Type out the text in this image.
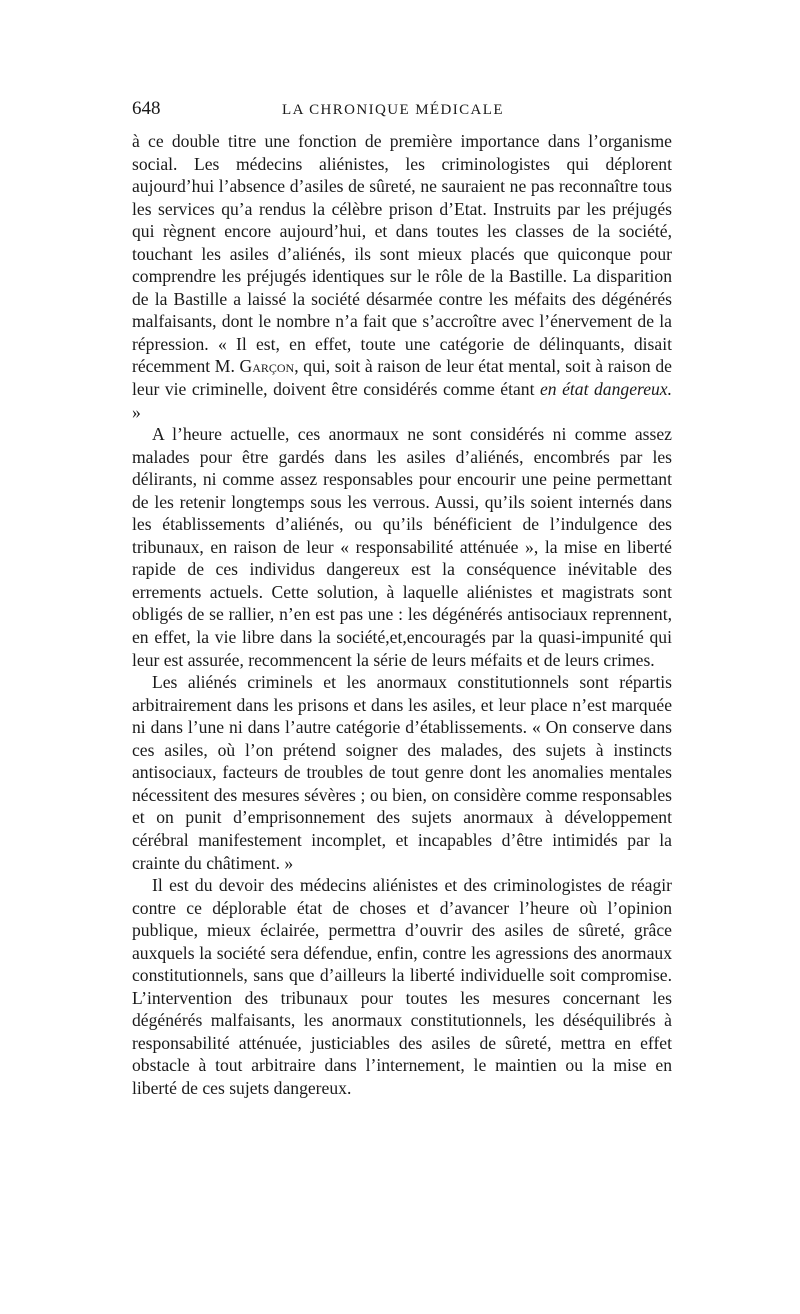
648	LA CHRONIQUE MÉDICALE

à ce double titre une fonction de première importance dans l’organisme social. Les médecins aliénistes, les criminologistes qui déplorent aujourd’hui l’absence d’asiles de sûreté, ne sauraient ne pas reconnaître tous les services qu’a rendus la célèbre prison d’Etat. Instruits par les préjugés qui règnent encore aujourd’hui, et dans toutes les classes de la société, touchant les asiles d’aliénés, ils sont mieux placés que quiconque pour comprendre les préjugés identiques sur le rôle de la Bastille. La disparition de la Bastille a laissé la société désarmée contre les méfaits des dégénérés malfaisants, dont le nombre n’a fait que s’accroître avec l’énervement de la répression. « Il est, en effet, toute une catégorie de délinquants, disait récemment M. Garçon, qui, soit à raison de leur état mental, soit à raison de leur vie criminelle, doivent être considérés comme étant en état dangereux. »

A l’heure actuelle, ces anormaux ne sont considérés ni comme assez malades pour être gardés dans les asiles d’aliénés, encombrés par les délirants, ni comme assez responsables pour encourir une peine permettant de les retenir longtemps sous les verrous. Aussi, qu’ils soient internés dans les établissements d’aliénés, ou qu’ils bénéficient de l’indulgence des tribunaux, en raison de leur « responsabilité atténuée », la mise en liberté rapide de ces individus dangereux est la conséquence inévitable des errements actuels. Cette solution, à laquelle aliénistes et magistrats sont obligés de se rallier, n’en est pas une : les dégénérés antisociaux reprennent, en effet, la vie libre dans la société,et,encouragés par la quasi-impunité qui leur est assurée, recommencent la série de leurs méfaits et de leurs crimes.

Les aliénés criminels et les anormaux constitutionnels sont répartis arbitrairement dans les prisons et dans les asiles, et leur place n’est marquée ni dans l’une ni dans l’autre catégorie d’établissements. « On conserve dans ces asiles, où l’on prétend soigner des malades, des sujets à instincts antisociaux, facteurs de troubles de tout genre dont les anomalies mentales nécessitent des mesures sévères ; ou bien, on considère comme responsables et on punit d’emprisonnement des sujets anormaux à développement cérébral manifestement incomplet, et incapables d’être intimidés par la crainte du châtiment. »

Il est du devoir des médecins aliénistes et des criminologistes de réagir contre ce déplorable état de choses et d’avancer l’heure où l’opinion publique, mieux éclairée, permettra d’ouvrir des asiles de sûreté, grâce auxquels la société sera défendue, enfin, contre les agressions des anormaux constitutionnels, sans que d’ailleurs la liberté individuelle soit compromise. L’intervention des tribunaux pour toutes les mesures concernant les dégénérés malfaisants, les anormaux constitutionnels, les déséquilibrés à responsabilité atténuée, justiciables des asiles de sûreté, mettra en effet obstacle à tout arbitraire dans l’internement, le maintien ou la mise en liberté de ces sujets dangereux.
